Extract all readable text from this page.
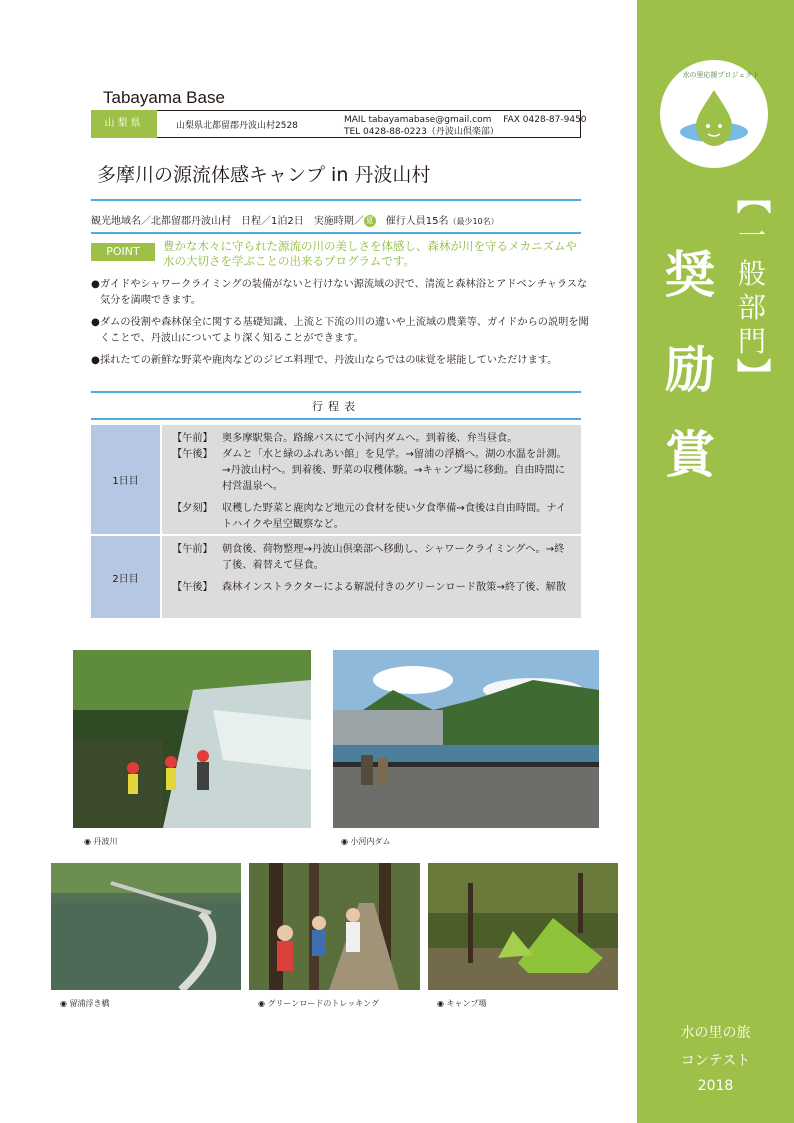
水の里応援プロジェクト
奨
励
賞
【
一
般
部
門
】
水の里の旅
コンテスト
2018
Tabayama Base
山梨県	山梨県北都留郡丹波山村2528
MAIL tabayamabase@gmail.com　 FAX 0428-87-9450
TEL 0428-88-0223（丹波山倶楽部）
多摩川の源流体感キャンプ in 丹波山村
観光地域名／北都留郡丹波山村　日程／1泊2日　実施時期／ 夏　催行人員15名（最少10名）
POINT	豊かな木々に守られた源流の川の美しさを体感し、森林が川を守るメカニズムや水の大切さを学ぶことの出来るプログラムです。
● ガイドやシャワークライミングの装備がないと行けない源流域の沢で、清流と森林浴とアドベンチャラスな気分を満喫できます。
● ダムの役割や森林保全に関する基礎知識、上流と下流の川の違いや上流域の農業等、ガイドからの説明を聞くことで、丹波山についてより深く知ることができます。
● 採れたての新鮮な野菜や鹿肉などのジビエ料理で、丹波山ならではの味覚を堪能していただけます。
行程表
1日目
【午前】 奥多摩駅集合。路線バスにて小河内ダムへ。到着後、弁当昼食。
【午後】 ダムと「水と緑のふれあい館」を見学。→留浦の浮橋へ。湖の水温を計測。→丹波山村へ。到着後、野菜の収穫体験。→キャンプ場に移動。自由時間に村営温泉へ。
【夕刻】 収穫した野菜と鹿肉など地元の食材を使い夕食準備→食後は自由時間。ナイトハイクや星空観察など。
2日目
【午前】 朝食後、荷物整理→丹波山倶楽部へ移動し、シャワークライミングへ。→終了後、着替えて昼食。
【午後】 森林インストラクターによる解説付きのグリーンロード散策→終了後、解散
◉ 丹波川	◉ 小河内ダム
◉ 留浦浮き橋	◉ グリーンロードのトレッキング	◉ キャンプ場
